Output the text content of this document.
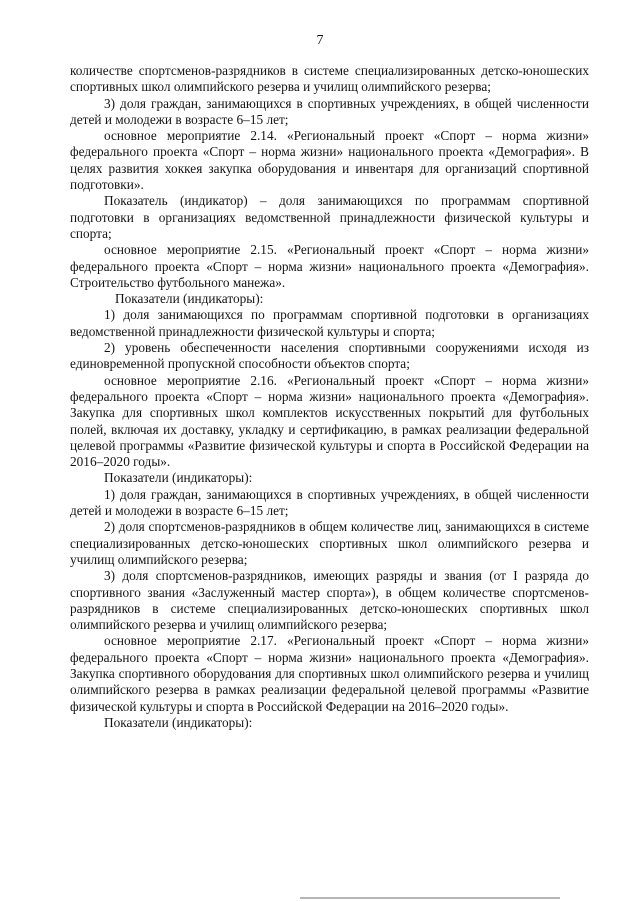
7

количестве спортсменов-разрядников в системе специализированных детско-юношеских спортивных школ олимпийского резерва и училищ олимпийского резерва;

3) доля граждан, занимающихся в спортивных учреждениях, в общей численности детей и молодежи в возрасте 6–15 лет;

основное мероприятие 2.14. «Региональный проект «Спорт – норма жизни» федерального проекта «Спорт – норма жизни» национального проекта «Демография». В целях развития хоккея закупка оборудования и инвентаря для организаций спортивной подготовки».

Показатель (индикатор) – доля занимающихся по программам спортивной подготовки в организациях ведомственной принадлежности физической культуры и спорта;

основное мероприятие 2.15. «Региональный проект «Спорт – норма жизни» федерального проекта «Спорт – норма жизни» национального проекта «Демография». Строительство футбольного манежа».

Показатели (индикаторы):

1) доля занимающихся по программам спортивной подготовки в организациях ведомственной принадлежности физической культуры и спорта;

2) уровень обеспеченности населения спортивными сооружениями исходя из единовременной пропускной способности объектов спорта;

основное мероприятие 2.16. «Региональный проект «Спорт – норма жизни» федерального проекта «Спорт – норма жизни» национального проекта «Демография». Закупка для спортивных школ комплектов искусственных покрытий для футбольных полей, включая их доставку, укладку и сертификацию, в рамках реализации федеральной целевой программы «Развитие физической культуры и спорта в Российской Федерации на 2016–2020 годы».

Показатели (индикаторы):

1) доля граждан, занимающихся в спортивных учреждениях, в общей численности детей и молодежи в возрасте 6–15 лет;

2) доля спортсменов-разрядников в общем количестве лиц, занимающихся в системе специализированных детско-юношеских спортивных школ олимпийского резерва и училищ олимпийского резерва;

3) доля спортсменов-разрядников, имеющих разряды и звания (от I разряда до спортивного звания «Заслуженный мастер спорта»), в общем количестве спортсменов-разрядников в системе специализированных детско-юношеских спортивных школ олимпийского резерва и училищ олимпийского резерва;

основное мероприятие 2.17. «Региональный проект «Спорт – норма жизни» федерального проекта «Спорт – норма жизни» национального проекта «Демография». Закупка спортивного оборудования для спортивных школ олимпийского резерва и училищ олимпийского резерва в рамках реализации федеральной целевой программы «Развитие физической культуры и спорта в Российской Федерации на 2016–2020 годы».

Показатели (индикаторы):
